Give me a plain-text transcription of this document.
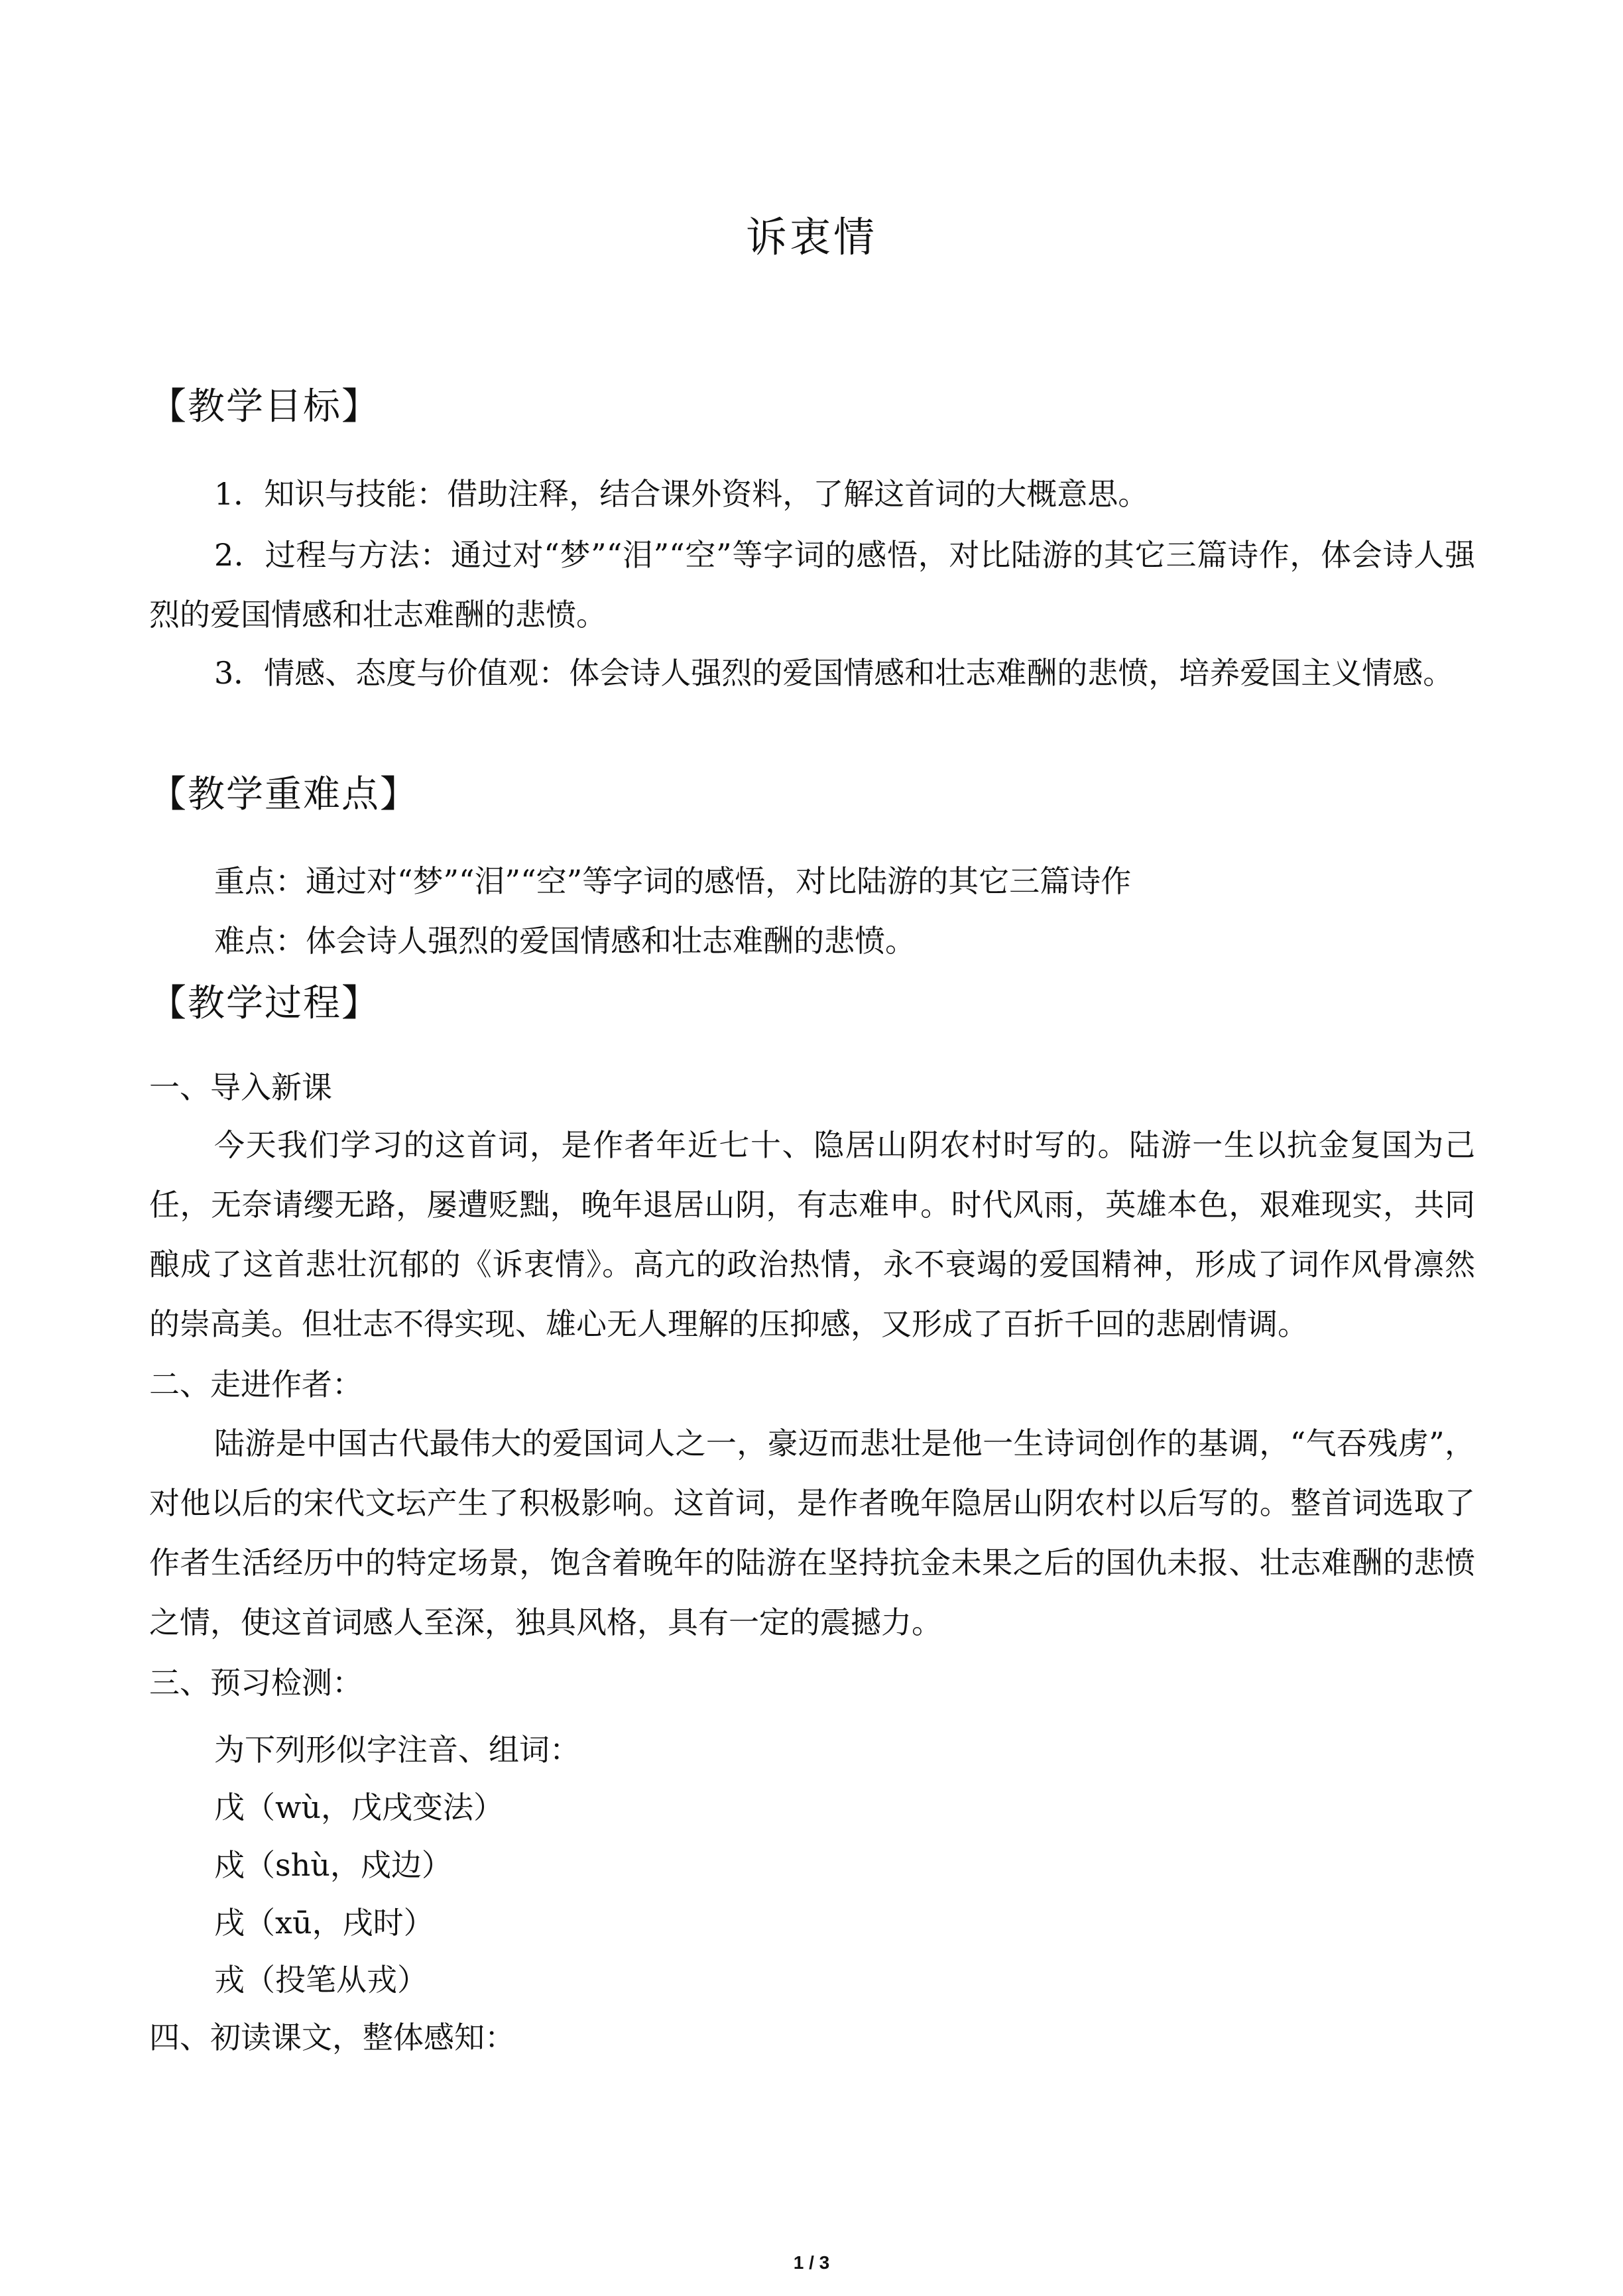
诉衷情
【教学目标】
1．知识与技能：借助注释，结合课外资料，了解这首词的大概意思。
2．过程与方法：通过对“梦”“泪”“空”等字词的感悟，对比陆游的其它三篇诗作，体会诗人强烈的爱国情感和壮志难酬的悲愤。
3．情感、态度与价值观：体会诗人强烈的爱国情感和壮志难酬的悲愤，培养爱国主义情感。
【教学重难点】
重点：通过对“梦”“泪”“空”等字词的感悟，对比陆游的其它三篇诗作
难点：体会诗人强烈的爱国情感和壮志难酬的悲愤。
【教学过程】
一、导入新课
今天我们学习的这首词，是作者年近七十、隐居山阴农村时写的。陆游一生以抗金复国为己任，无奈请缨无路，屡遭贬黜，晚年退居山阴，有志难申。时代风雨，英雄本色，艰难现实，共同酿成了这首悲壮沉郁的《诉衷情》。高亢的政治热情，永不衰竭的爱国精神，形成了词作风骨凛然的崇高美。但壮志不得实现、雄心无人理解的压抑感，又形成了百折千回的悲剧情调。
二、走进作者：
陆游是中国古代最伟大的爱国词人之一，豪迈而悲壮是他一生诗词创作的基调，“气吞残虏”，对他以后的宋代文坛产生了积极影响。这首词，是作者晚年隐居山阴农村以后写的。整首词选取了作者生活经历中的特定场景，饱含着晚年的陆游在坚持抗金未果之后的国仇未报、壮志难酬的悲愤之情，使这首词感人至深，独具风格，具有一定的震撼力。
三、预习检测：
为下列形似字注音、组词：
戊（wù，戊戌变法）
戍（shù，戍边）
戌（xū，戌时）
戎（投笔从戎）
四、初读课文，整体感知：
1 / 3
